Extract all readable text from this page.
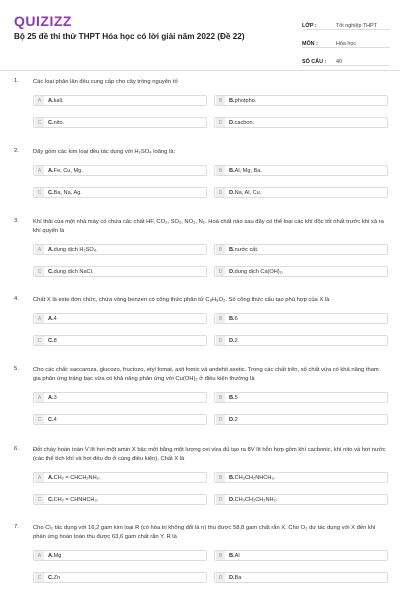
QUIZIZZ
Bộ 25 đề thi thử THPT Hóa học có lời giải năm 2022 (Đề 22)
LỚP :	Tốt nghiệp THPT
MÔN :	Hóa học
SỐ CÂU :	40
1. Các loại phân lân đều cung cấp cho cây trồng nguyên tố
A	A.kali.	B	B.photpho.
C	C.nito.	D	D.cacbon.
2. Dãy gồm các kim loại đều tác dụng với H₂SO₄ loãng là:
A	A.Fe, Cu, Mg.	B	B.Al, Mg, Ba.
C	C.Ba, Na, Ag.	D	D.Na, Al, Cu.
3. Khí thải của một nhà máy có chứa các chất HF, CO₂, SO₂, NO₂, N₂. Hoá chất nào sau đây có thể loại các khí độc tốt nhất trước khi xả ra khí quyển là
A	A.dung dịch H₂SO₄.	B	B.nước cất.
C	C.dung dịch NaCl.	D	D.dung dịch Ca(OH)₂.
4. Chất X là este đơn chức, chứa vòng benzen có công thức phân tử C₈H₈O₂. Số công thức cấu tạo phù hợp của X là
A	A.4	B	B.6
C	C.8	D	D.2
5. Cho các chất: saccaroza, glucozo, fructozo, etyl fomat, axit fomic và andehit axetic. Trong các chất trên, số chất vừa có khả năng tham gia phản ứng tráng bạc vừa có khả năng phản ứng với Cu(OH)₂ ở điều kiện thường là
A	A.3	B	B.5
C	C.4	D	D.2
6. Đốt cháy hoàn toàn V lít hơi một amin X bậc một bằng một lượng oxi vừa đủ tạo ra 8V lít hỗn hợp gồm khí cacbonic, khí nito và hơi nước (các thể tích khí và hơi đều đo ở cùng điều kiện). Chất X là
A	A.CH₂ = CHCH₂NH₂.	B	B.CH₃CH₂NHCH₃.
C	C.CH₂ = CHNHCH₃.	D	D.CH₃CH₂CH₂NH₂.
7. Cho Cl₂ tác dụng với 16,2 gam kim loại R (có hóa trị không đổi là n) thu được 58,8 gam chất rắn X. Cho O₂ dư tác dụng với X đến khi phản ứng hoàn toàn thu được 63,6 gam chất rắn Y. R là
A	A.Mg	B	B.Al
C	C.Zn	D	D.Ba
